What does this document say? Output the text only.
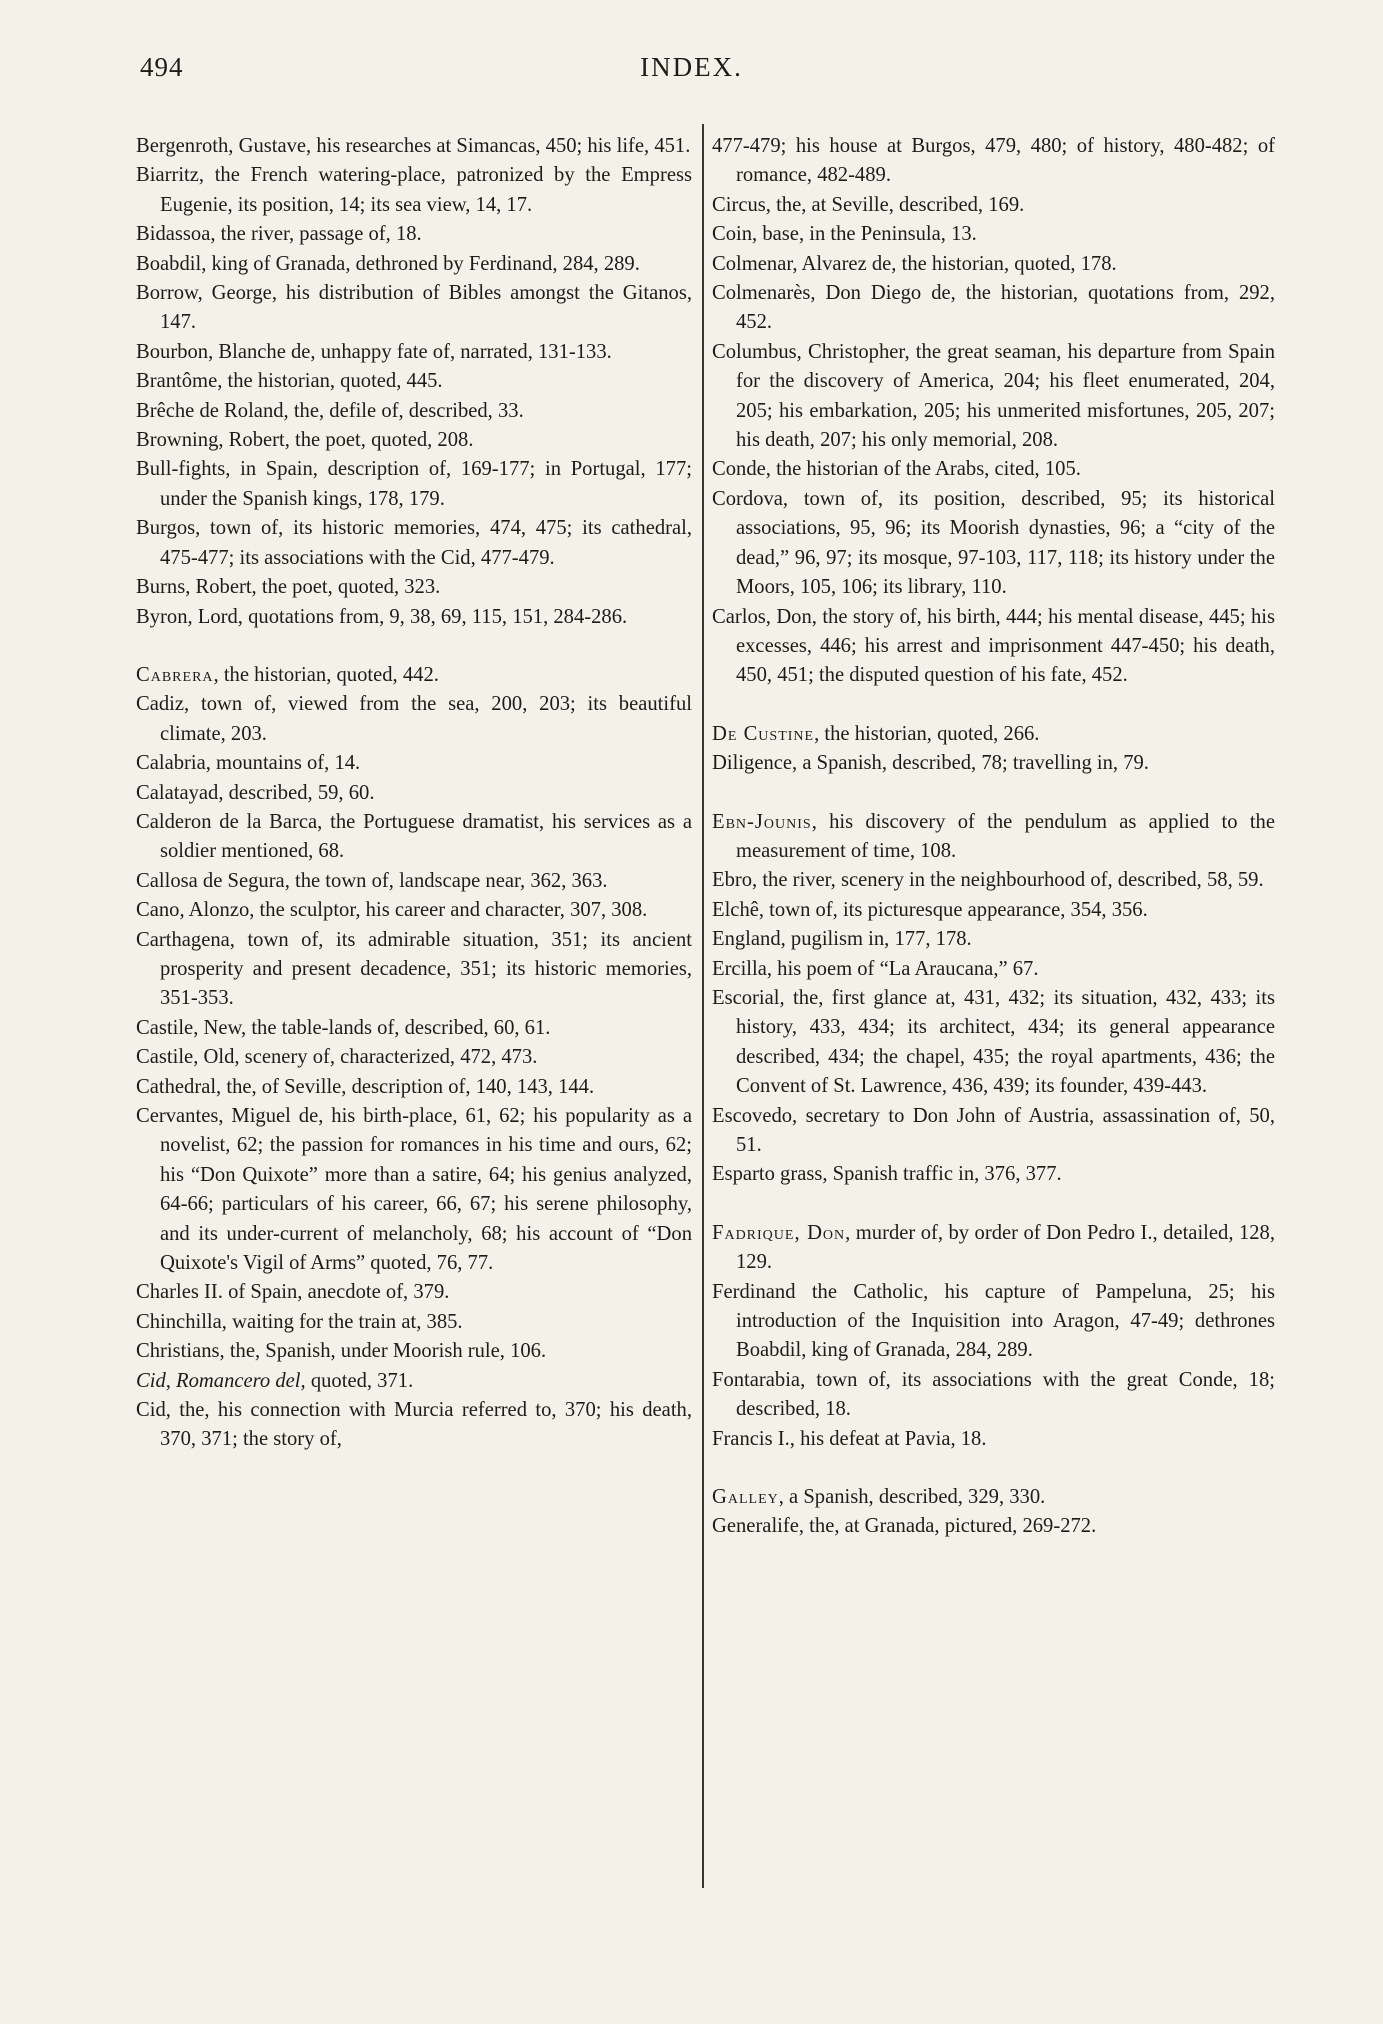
494	INDEX.

Bergenroth, Gustave, his researches at Simancas, 450; his life, 451.

Biarritz, the French watering-place, patronized by the Empress Eugenie, its position, 14; its sea view, 14, 17.

Bidassoa, the river, passage of, 18.

Boabdil, king of Granada, dethroned by Ferdinand, 284, 289.

Borrow, George, his distribution of Bibles amongst the Gitanos, 147.

Bourbon, Blanche de, unhappy fate of, narrated, 131-133.

Brantôme, the historian, quoted, 445.

Brêche de Roland, the, defile of, described, 33.

Browning, Robert, the poet, quoted, 208.

Bull-fights, in Spain, description of, 169-177; in Portugal, 177; under the Spanish kings, 178, 179.

Burgos, town of, its historic memories, 474, 475; its cathedral, 475-477; its associations with the Cid, 477-479.

Burns, Robert, the poet, quoted, 323.

Byron, Lord, quotations from, 9, 38, 69, 115, 151, 284-286.

Cabrera, the historian, quoted, 442.

Cadiz, town of, viewed from the sea, 200, 203; its beautiful climate, 203.

Calabria, mountains of, 14.

Calatayad, described, 59, 60.

Calderon de la Barca, the Portuguese dramatist, his services as a soldier mentioned, 68.

Callosa de Segura, the town of, landscape near, 362, 363.

Cano, Alonzo, the sculptor, his career and character, 307, 308.

Carthagena, town of, its admirable situation, 351; its ancient prosperity and present decadence, 351; its historic memories, 351-353.

Castile, New, the table-lands of, described, 60, 61.

Castile, Old, scenery of, characterized, 472, 473.

Cathedral, the, of Seville, description of, 140, 143, 144.

Cervantes, Miguel de, his birth-place, 61, 62; his popularity as a novelist, 62; the passion for romances in his time and ours, 62; his “Don Quixote” more than a satire, 64; his genius analyzed, 64-66; particulars of his career, 66, 67; his serene philosophy, and its under-current of melancholy, 68; his account of “Don Quixote's Vigil of Arms” quoted, 76, 77.

Charles II. of Spain, anecdote of, 379.

Chinchilla, waiting for the train at, 385.

Christians, the, Spanish, under Moorish rule, 106.

Cid, Romancero del, quoted, 371.

Cid, the, his connection with Murcia referred to, 370; his death, 370, 371; the story of,

477-479; his house at Burgos, 479, 480; of history, 480-482; of romance, 482-489.

Circus, the, at Seville, described, 169.

Coin, base, in the Peninsula, 13.

Colmenar, Alvarez de, the historian, quoted, 178.

Colmenarès, Don Diego de, the historian, quotations from, 292, 452.

Columbus, Christopher, the great seaman, his departure from Spain for the discovery of America, 204; his fleet enumerated, 204, 205; his embarkation, 205; his unmerited misfortunes, 205, 207; his death, 207; his only memorial, 208.

Conde, the historian of the Arabs, cited, 105.

Cordova, town of, its position, described, 95; its historical associations, 95, 96; its Moorish dynasties, 96; a “city of the dead,” 96, 97; its mosque, 97-103, 117, 118; its history under the Moors, 105, 106; its library, 110.

Carlos, Don, the story of, his birth, 444; his mental disease, 445; his excesses, 446; his arrest and imprisonment 447-450; his death, 450, 451; the disputed question of his fate, 452.

De Custine, the historian, quoted, 266.

Diligence, a Spanish, described, 78; travelling in, 79.

Ebn-Jounis, his discovery of the pendulum as applied to the measurement of time, 108.

Ebro, the river, scenery in the neighbourhood of, described, 58, 59.

Elchê, town of, its picturesque appearance, 354, 356.

England, pugilism in, 177, 178.

Ercilla, his poem of “La Araucana,” 67.

Escorial, the, first glance at, 431, 432; its situation, 432, 433; its history, 433, 434; its architect, 434; its general appearance described, 434; the chapel, 435; the royal apartments, 436; the Convent of St. Lawrence, 436, 439; its founder, 439-443.

Escovedo, secretary to Don John of Austria, assassination of, 50, 51.

Esparto grass, Spanish traffic in, 376, 377.

Fadrique, Don, murder of, by order of Don Pedro I., detailed, 128, 129.

Ferdinand the Catholic, his capture of Pampeluna, 25; his introduction of the Inquisition into Aragon, 47-49; dethrones Boabdil, king of Granada, 284, 289.

Fontarabia, town of, its associations with the great Conde, 18; described, 18.

Francis I., his defeat at Pavia, 18.

Galley, a Spanish, described, 329, 330.

Generalife, the, at Granada, pictured, 269-272.
